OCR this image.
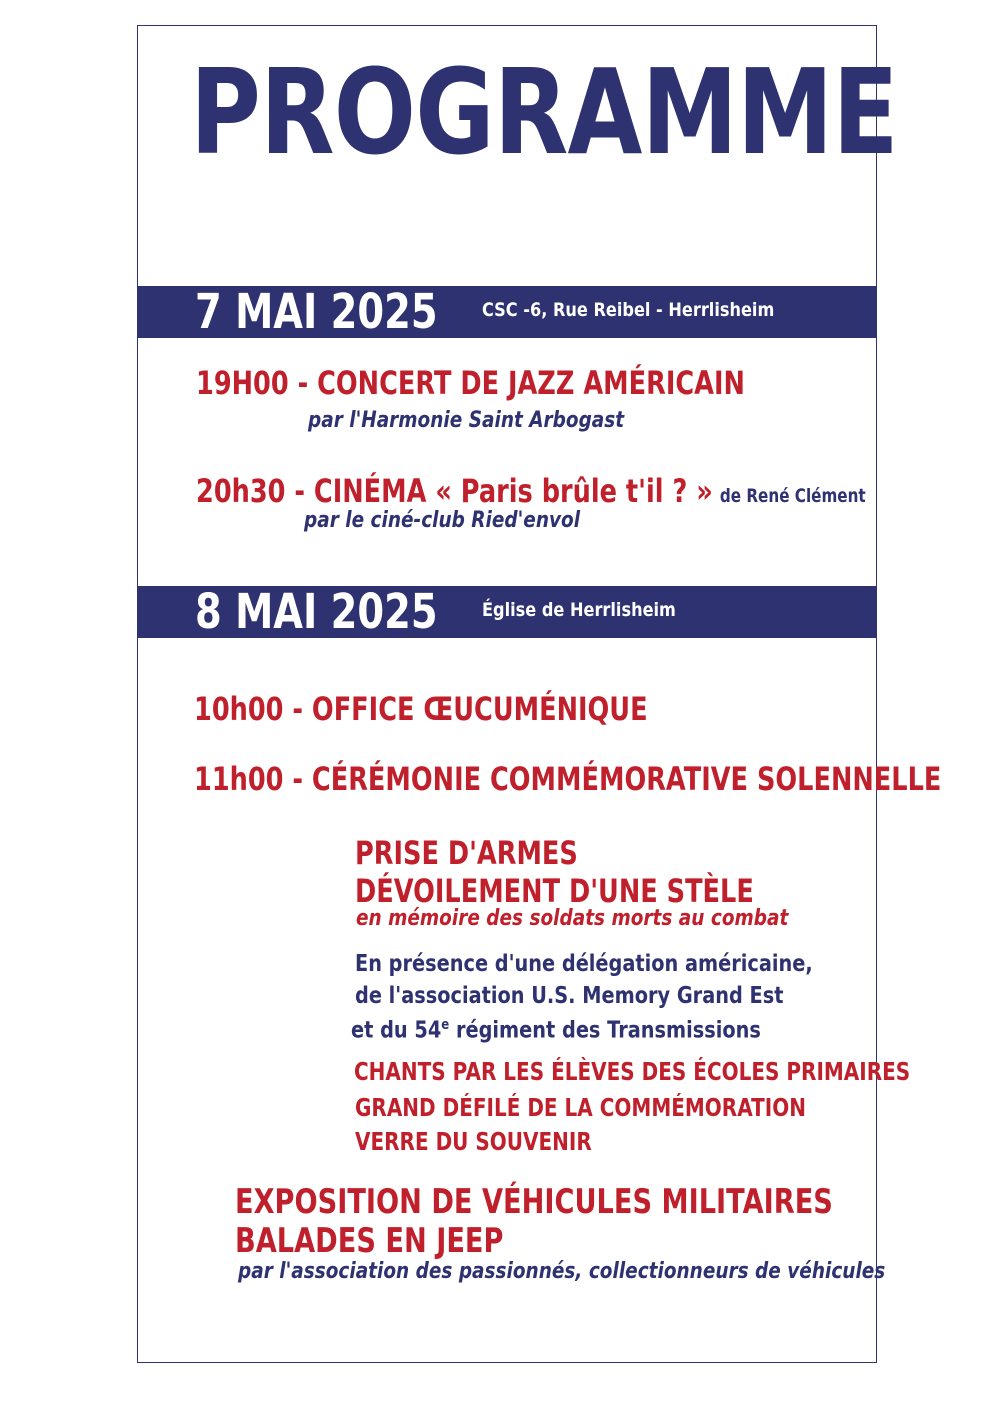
PROGRAMME
7 MAI 2025 CSC -6, Rue Reibel - Herrlisheim
19H00 - CONCERT DE JAZZ AMÉRICAIN
par l'Harmonie Saint Arbogast
20h30 - CINÉMA « Paris brûle t'il ? » de René Clément
par le ciné-club Ried'envol
8 MAI 2025 Église de Herrlisheim
10h00 - OFFICE ŒUCUMÉNIQUE
11h00 - CÉRÉMONIE COMMÉMORATIVE SOLENNELLE
PRISE D'ARMES
DÉVOILEMENT D'UNE STÈLE
en mémoire des soldats morts au combat
En présence d'une délégation américaine,
de l'association U.S. Memory Grand Est
et du 54e régiment des Transmissions
CHANTS PAR LES ÉLÈVES DES ÉCOLES PRIMAIRES
GRAND DÉFILÉ DE LA COMMÉMORATION
VERRE DU SOUVENIR
EXPOSITION DE VÉHICULES MILITAIRES
BALADES EN JEEP
par l'association des passionnés, collectionneurs de véhicules
